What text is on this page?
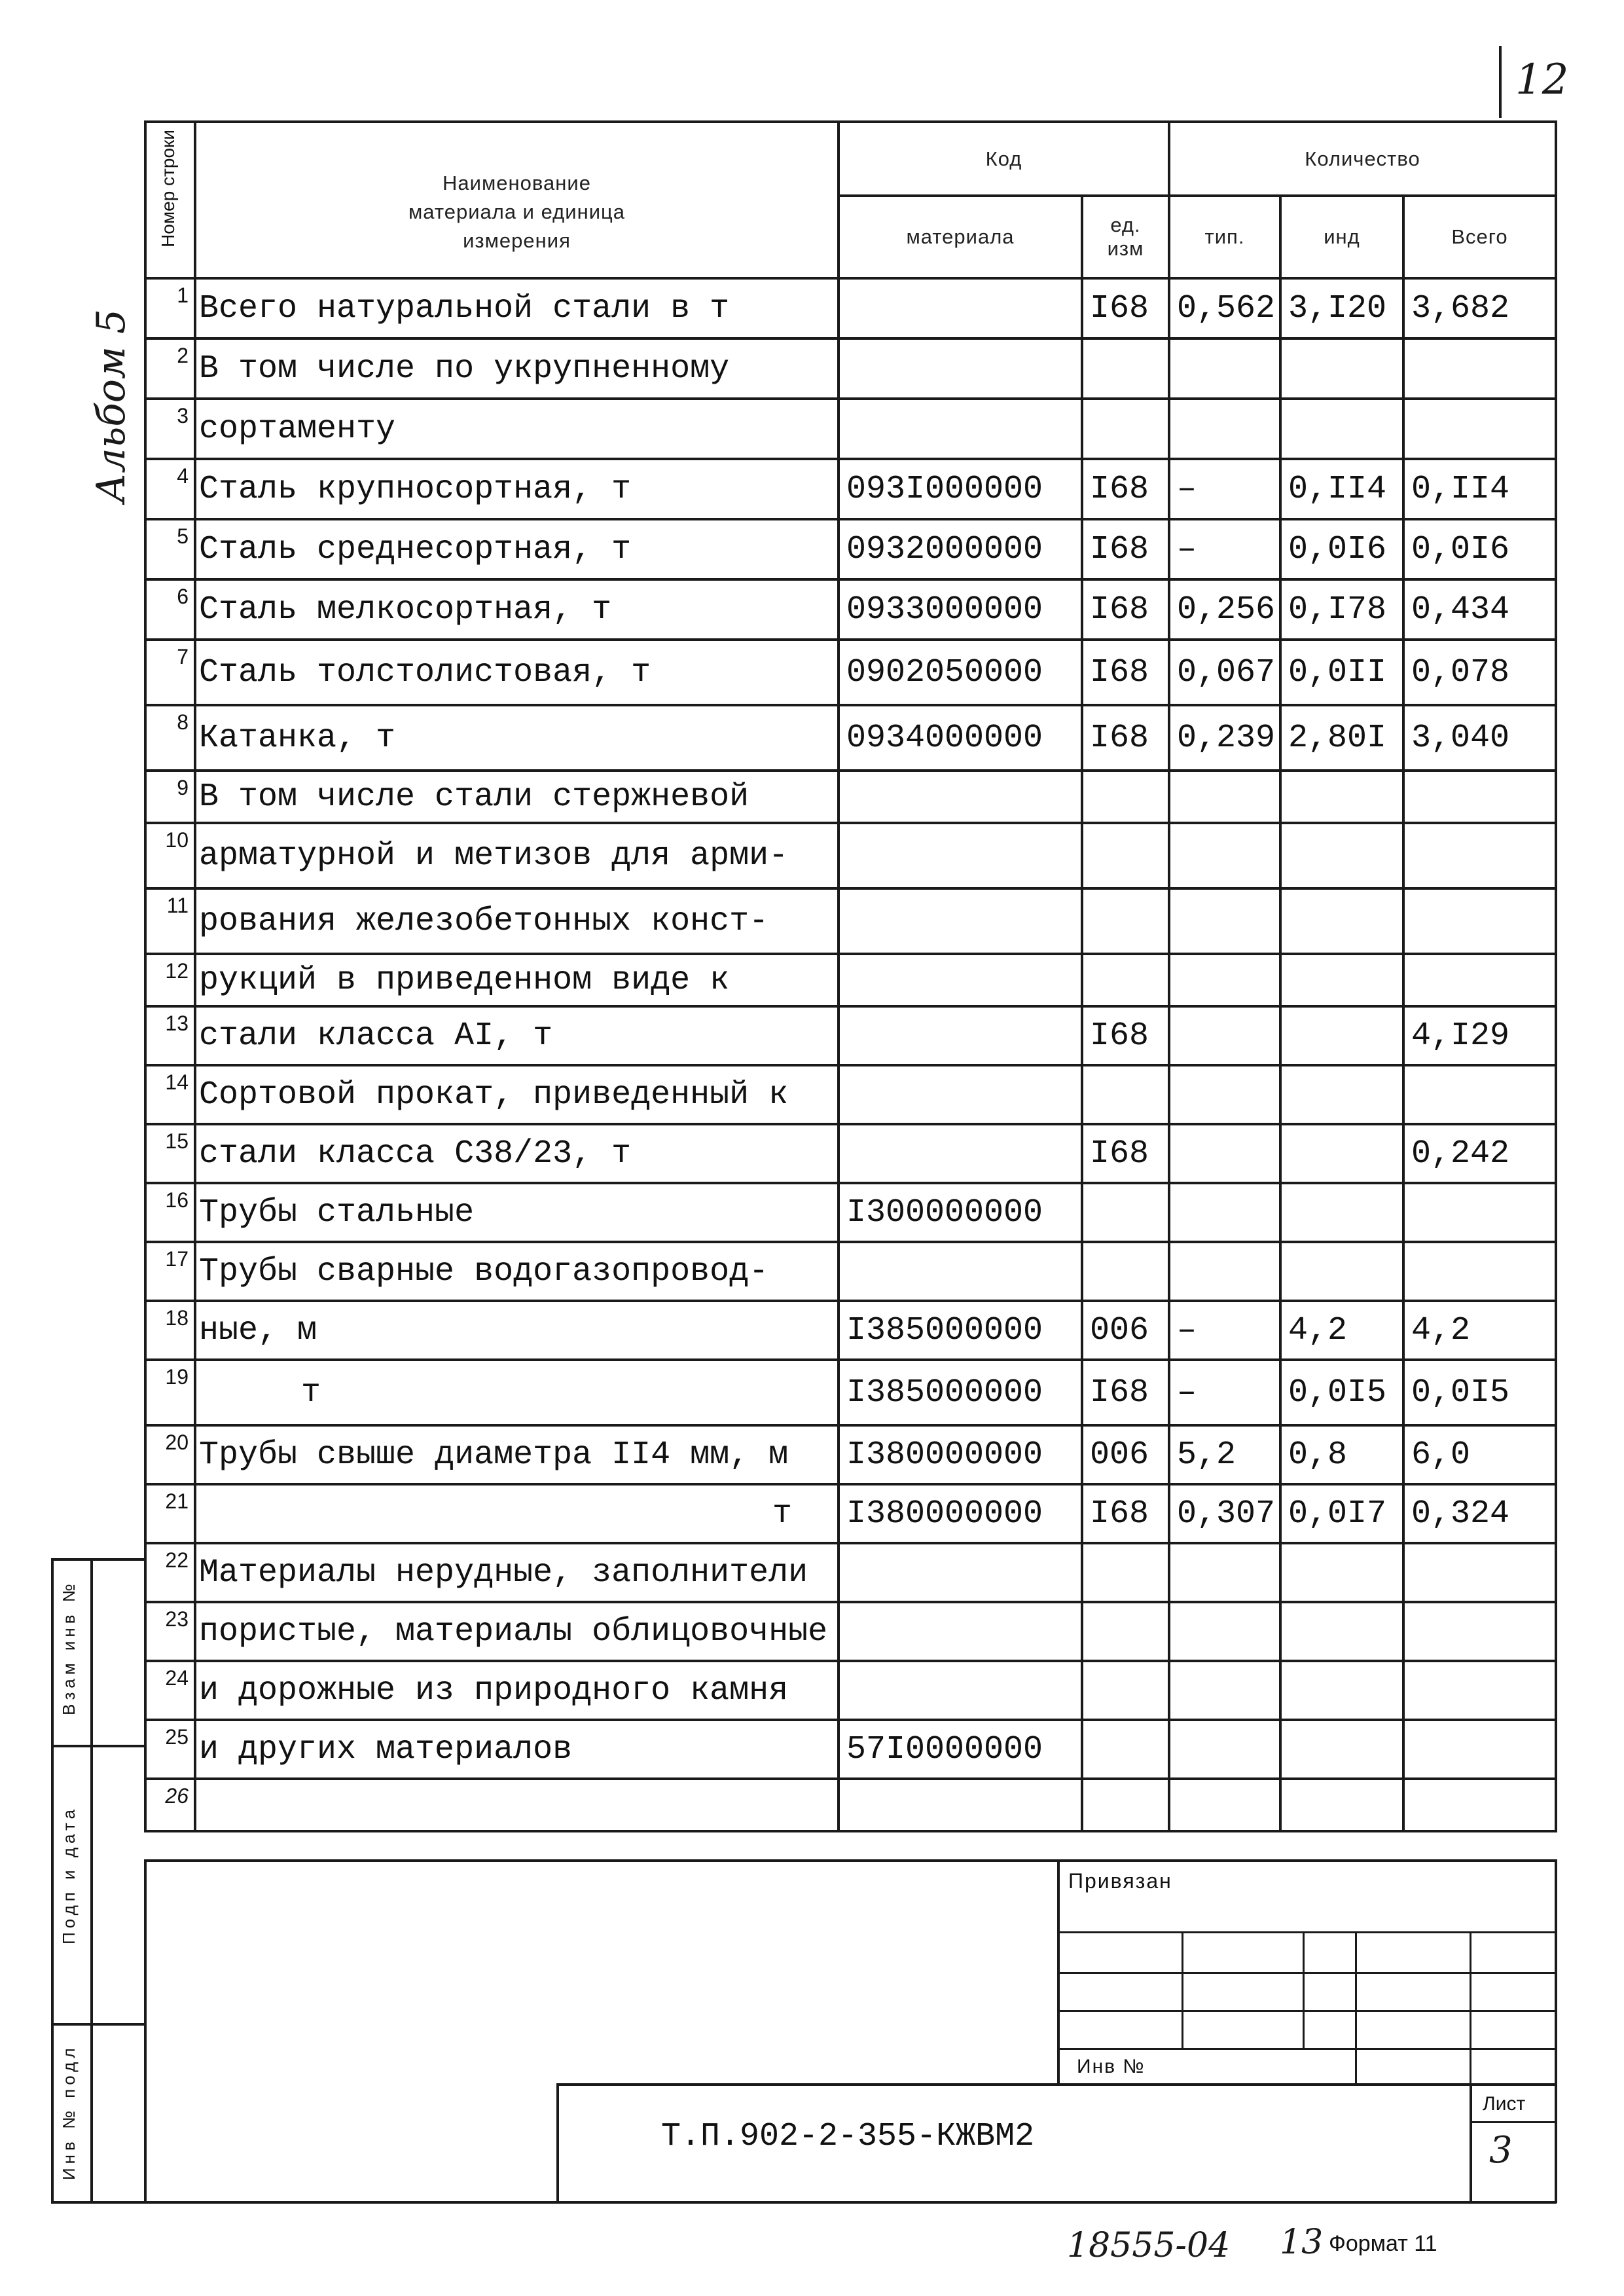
12
Альбом 5
Номер строки	Наименование материала и единица измерения	Код		Количество		
		материала	ед. изм	тип.	инд	Всего
1	Всего натуральной стали в т		I68	0,562	3,I20	3,682
2	В том числе по укрупненному					
3	сортаменту					
4	Сталь крупносортная, т	093I000000	I68	–	0,II4	0,II4
5	Сталь среднесортная, т	0932000000	I68	–	0,0I6	0,0I6
6	Сталь мелкосортная, т	0933000000	I68	0,256	0,I78	0,434
7	Сталь толстолистовая, т	0902050000	I68	0,067	0,0II	0,078
8	Катанка, т	0934000000	I68	0,239	2,80I	3,040
9	В том числе стали стержневой					
10	арматурной и метизов для арми-					
11	рования железобетонных конст-					
12	рукций в приведенном виде к					
13	стали класса АI, т		I68			4,I29
14	Сортовой прокат, приведенный к					
15	стали класса С38/23, т		I68			0,242
16	Трубы стальные	I300000000				
17	Трубы сварные водогазопровод-					
18	ные, м	I385000000	006	–	4,2	4,2
19	т	I385000000	I68	–	0,0I5	0,0I5
20	Трубы свыше диаметра II4 мм, м	I380000000	006	5,2	0,8	6,0
21	т	I380000000	I68	0,307	0,0I7	0,324
22	Материалы нерудные, заполнители					
23	пористые, материалы облицовочные					
24	и дорожные из природного камня					
25	и других материалов	57I0000000				
26						
Взам инв №
Подп и дата
Инв № подл
Привязан
Инв №
Т.П.902-2-355-КЖВМ2
Лист
3
18555-04 13 Формат 11
